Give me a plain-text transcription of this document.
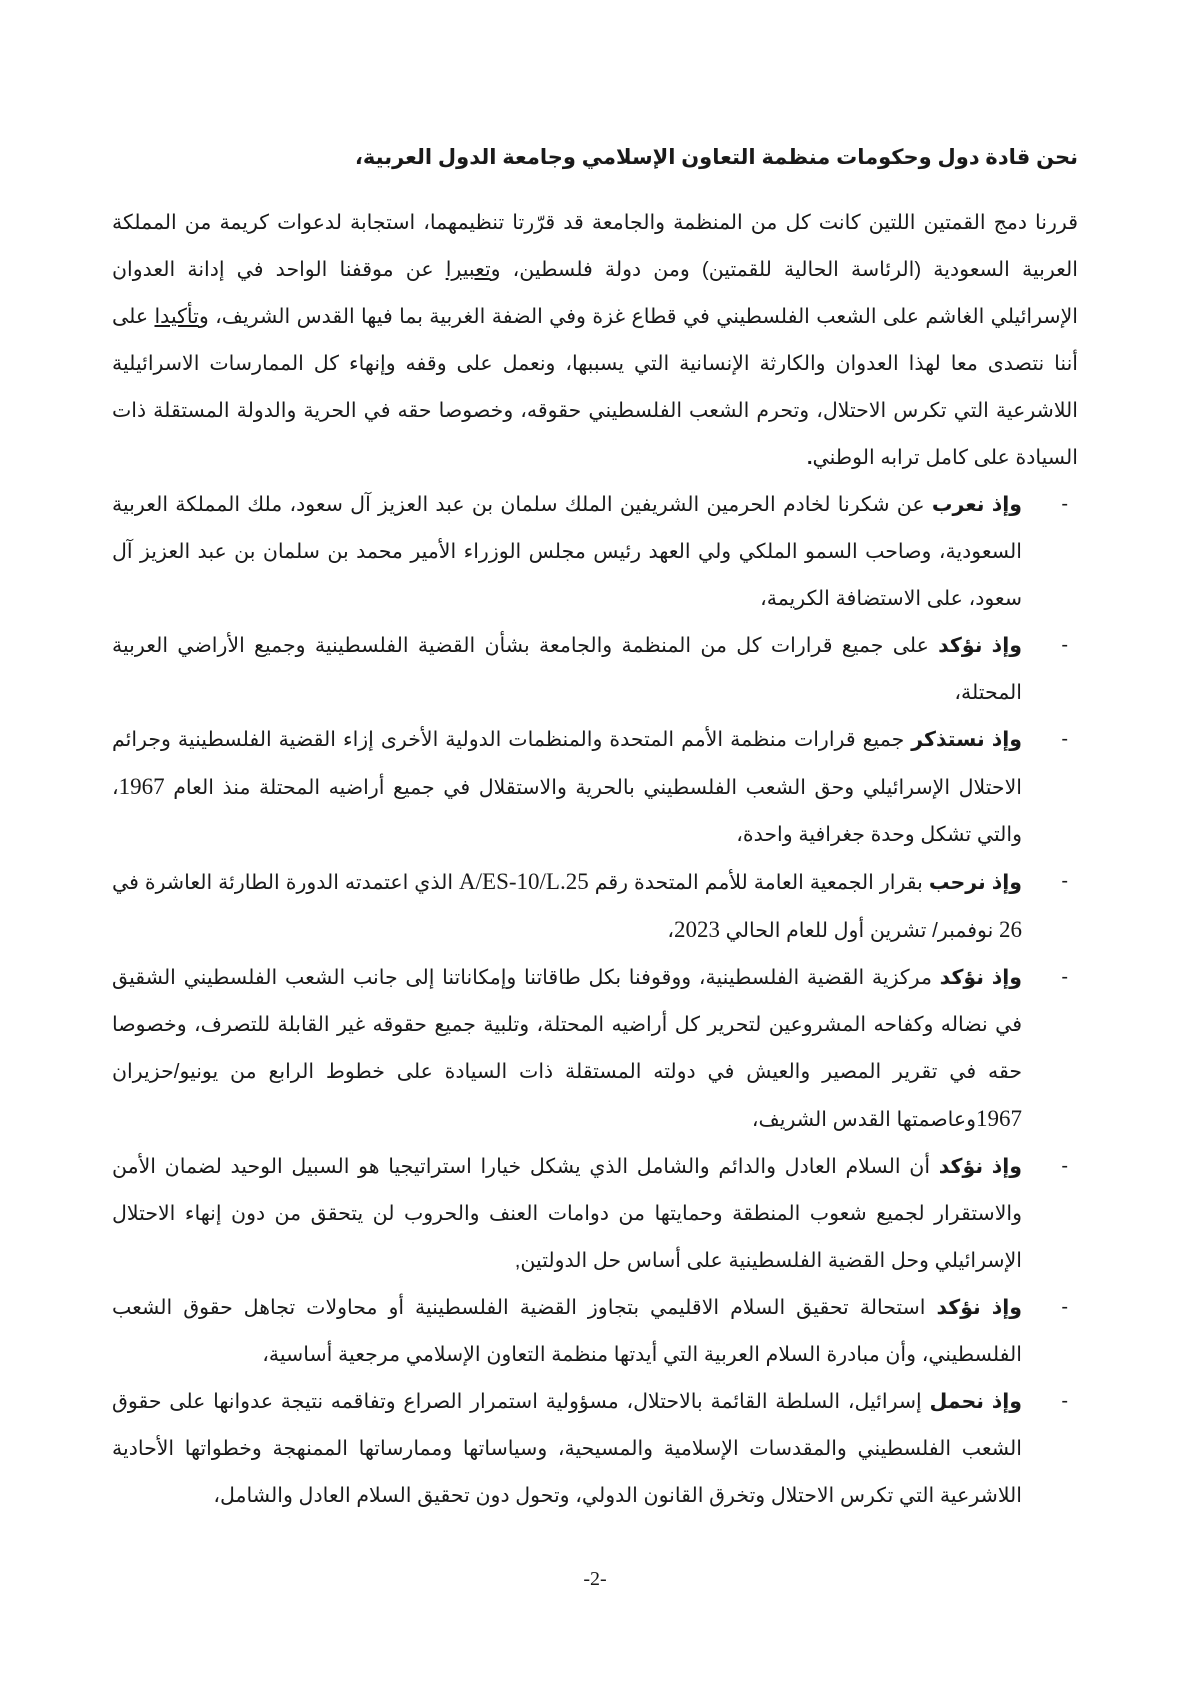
نحن قادة دول وحكومات منظمة التعاون الإسلامي وجامعة الدول العربية،

قررنا دمج القمتين اللتين كانت كل من المنظمة والجامعة قد قرّرتا تنظيمهما، استجابة لدعوات كريمة من المملكة العربية السعودية (الرئاسة الحالية للقمتين) ومن دولة فلسطين، وتعبيرا عن موقفنا الواحد في إدانة العدوان الإسرائيلي الغاشم على الشعب الفلسطيني في قطاع غزة وفي الضفة الغربية بما فيها القدس الشريف، وتأكيدا على أننا نتصدى معا لهذا العدوان والكارثة الإنسانية التي يسببها، ونعمل على وقفه وإنهاء كل الممارسات الاسرائيلية اللاشرعية التي تكرس الاحتلال، وتحرم الشعب الفلسطيني حقوقه، وخصوصا حقه في الحرية والدولة المستقلة ذات السيادة على كامل ترابه الوطني.

-
وإذ نعرب عن شكرنا لخادم الحرمين الشريفين الملك سلمان بن عبد العزيز آل سعود، ملك المملكة العربية السعودية، وصاحب السمو الملكي ولي العهد رئيس مجلس الوزراء الأمير محمد بن سلمان بن عبد العزيز آل سعود، على الاستضافة الكريمة،
-
وإذ نؤكد على جميع قرارات كل من المنظمة والجامعة بشأن القضية الفلسطينية وجميع الأراضي العربية المحتلة،
-
وإذ نستذكر جميع قرارات منظمة الأمم المتحدة والمنظمات الدولية الأخرى إزاء القضية الفلسطينية وجرائم الاحتلال الإسرائيلي وحق الشعب الفلسطيني بالحرية والاستقلال في جميع أراضيه المحتلة منذ العام 1967، والتي تشكل وحدة جغرافية واحدة،
-
وإذ نرحب بقرار الجمعية العامة للأمم المتحدة رقم A/ES-10/L.25 الذي اعتمدته الدورة الطارئة العاشرة في 26 نوفمبر/ تشرين أول للعام الحالي 2023،
-
وإذ نؤكد مركزية القضية الفلسطينية، ووقوفنا بكل طاقاتنا وإمكاناتنا إلى جانب الشعب الفلسطيني الشقيق في نضاله وكفاحه المشروعين لتحرير كل أراضيه المحتلة، وتلبية جميع حقوقه غير القابلة للتصرف، وخصوصا حقه في تقرير المصير والعيش في دولته المستقلة ذات السيادة على خطوط الرابع من يونيو/حزيران 1967وعاصمتها القدس الشريف،
-
وإذ نؤكد أن السلام العادل والدائم والشامل الذي يشكل خيارا استراتيجيا هو السبيل الوحيد لضمان الأمن والاستقرار لجميع شعوب المنطقة وحمايتها من دوامات العنف والحروب لن يتحقق من دون إنهاء الاحتلال الإسرائيلي وحل القضية الفلسطينية على أساس حل الدولتين,
-
وإذ نؤكد استحالة تحقيق السلام الاقليمي بتجاوز القضية الفلسطينية أو محاولات تجاهل حقوق الشعب الفلسطيني، وأن مبادرة السلام العربية التي أيدتها منظمة التعاون الإسلامي مرجعية أساسية،
-
وإذ نحمل إسرائيل، السلطة القائمة بالاحتلال، مسؤولية استمرار الصراع وتفاقمه نتيجة عدوانها على حقوق الشعب الفلسطيني والمقدسات الإسلامية والمسيحية، وسياساتها وممارساتها الممنهجة وخطواتها الأحادية اللاشرعية التي تكرس الاحتلال وتخرق القانون الدولي، وتحول دون تحقيق السلام العادل والشامل،
-2-
